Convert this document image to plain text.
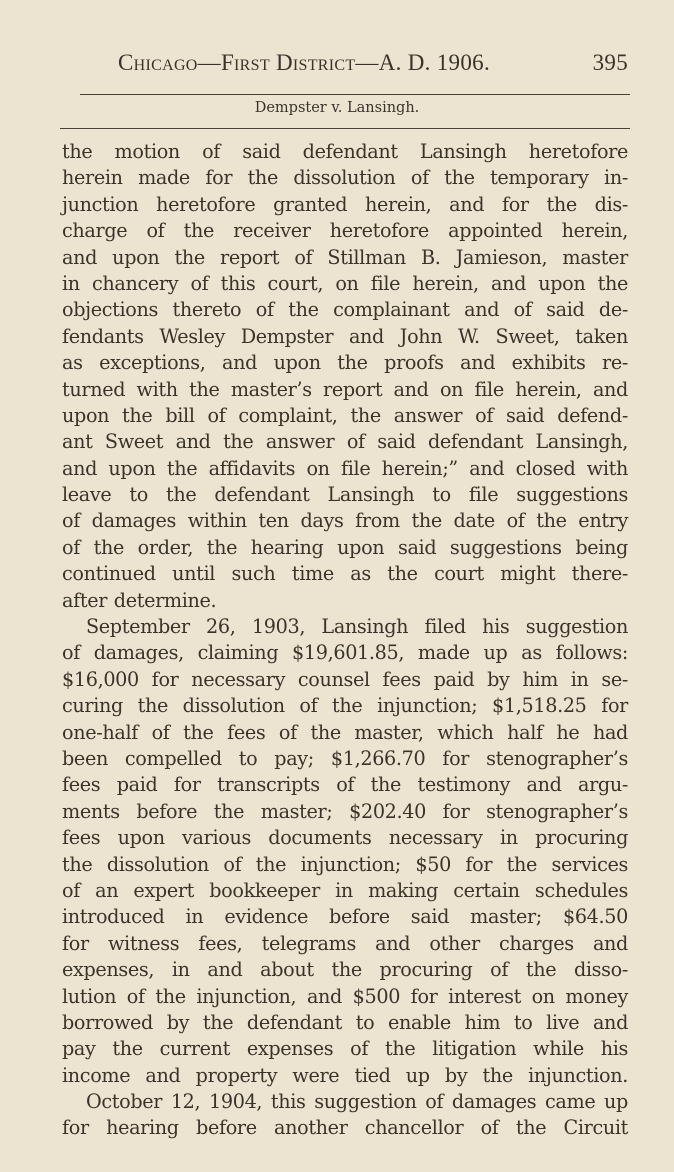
Chicago—First District—A. D. 1906.	395
Dempster v. Lansingh.
the motion of said defendant Lansingh heretofore
herein made for the dissolution of the temporary in-
junction heretofore granted herein, and for the dis-
charge of the receiver heretofore appointed herein,
and upon the report of Stillman B. Jamieson, master
in chancery of this court, on file herein, and upon the
objections thereto of the complainant and of said de-
fendants Wesley Dempster and John W. Sweet, taken
as exceptions, and upon the proofs and exhibits re-
turned with the master’s report and on file herein, and
upon the bill of complaint, the answer of said defend-
ant Sweet and the answer of said defendant Lansingh,
and upon the affidavits on file herein;” and closed with
leave to the defendant Lansingh to file suggestions
of damages within ten days from the date of the entry
of the order, the hearing upon said suggestions being
continued until such time as the court might there-
after determine.
September 26, 1903, Lansingh filed his suggestion
of damages, claiming $19,601.85, made up as follows:
$16,000 for necessary counsel fees paid by him in se-
curing the dissolution of the injunction; $1,518.25 for
one-half of the fees of the master, which half he had
been compelled to pay; $1,266.70 for stenographer’s
fees paid for transcripts of the testimony and argu-
ments before the master; $202.40 for stenographer’s
fees upon various documents necessary in procuring
the dissolution of the injunction; $50 for the services
of an expert bookkeeper in making certain schedules
introduced in evidence before said master; $64.50
for witness fees, telegrams and other charges and
expenses, in and about the procuring of the disso-
lution of the injunction, and $500 for interest on money
borrowed by the defendant to enable him to live and
pay the current expenses of the litigation while his
income and property were tied up by the injunction.
October 12, 1904, this suggestion of damages came up
for hearing before another chancellor of the Circuit
